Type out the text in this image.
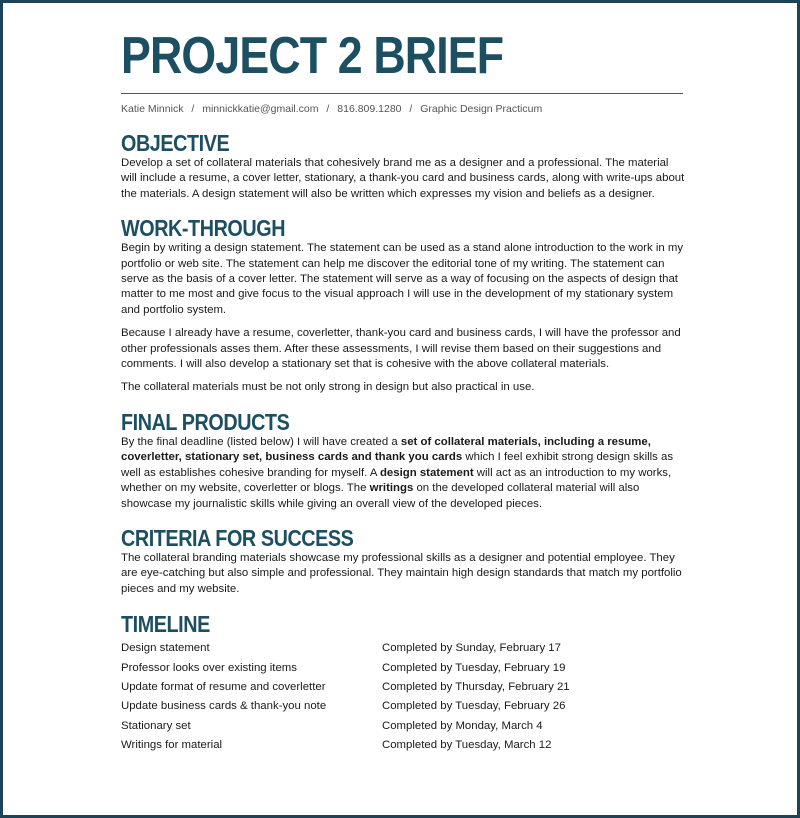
PROJECT 2 BRIEF
Katie Minnick / minnickkatie@gmail.com / 816.809.1280 / Graphic Design Practicum
OBJECTIVE

Develop a set of collateral materials that cohesively brand me as a designer and a professional. The material will include a resume, a cover letter, stationary, a thank-you card and business cards, along with write-ups about the materials. A design statement will also be written which expresses my vision and beliefs as a designer.

WORK-THROUGH

Begin by writing a design statement. The statement can be used as a stand alone introduction to the work in my portfolio or web site. The statement can help me discover the editorial tone of my writing. The statement can serve as the basis of a cover letter. The statement will serve as a way of focusing on the aspects of design that matter to me most and give focus to the visual approach I will use in the development of my stationary system and portfolio system.

Because I already have a resume, coverletter, thank-you card and business cards, I will have the professor and other professionals asses them. After these assessments, I will revise them based on their suggestions and comments. I will also develop a stationary set that is cohesive with the above collateral materials.

The collateral materials must be not only strong in design but also practical in use.

FINAL PRODUCTS

By the final deadline (listed below) I will have created a set of collateral materials, including a resume, coverletter, stationary set, business cards and thank you cards which I feel exhibit strong design skills as well as establishes cohesive branding for myself. A design statement will act as an introduction to my works, whether on my website, coverletter or blogs. The writings on the developed collateral material will also showcase my journalistic skills while giving an overall view of the developed pieces.

CRITERIA FOR SUCCESS

The collateral branding materials showcase my professional skills as a designer and potential employee. They are eye-catching but also simple and professional. They maintain high design standards that match my portfolio pieces and my website.

TIMELINE
Design statement	Completed by Sunday, February 17
Professor looks over existing items	Completed by Tuesday, February 19
Update format of resume and coverletter	Completed by Thursday, February 21
Update business cards & thank-you note	Completed by Tuesday, February 26
Stationary set	Completed by Monday, March 4
Writings for material	Completed by Tuesday, March 12
